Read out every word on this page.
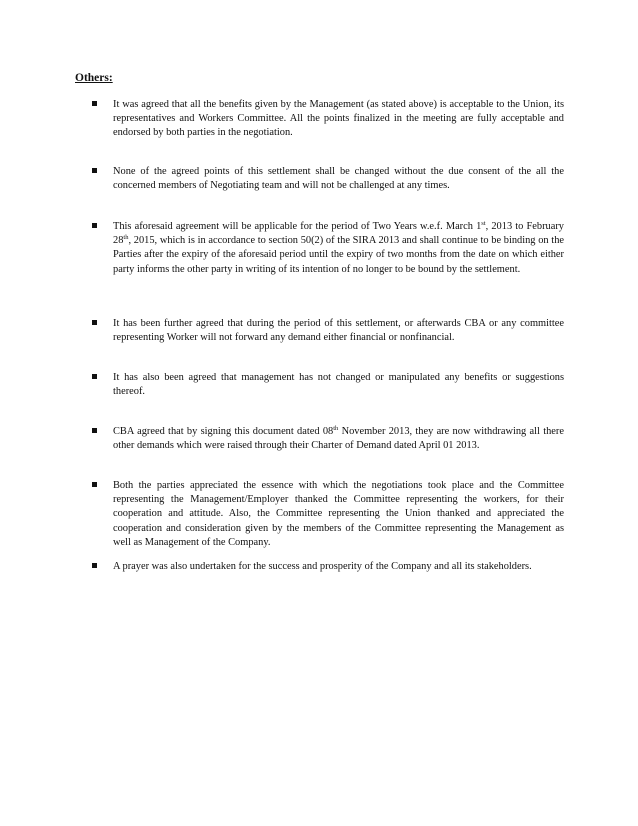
Others:
It was agreed that all the benefits given by the Management (as stated above) is acceptable to the Union, its representatives and Workers Committee. All the points finalized in the meeting are fully acceptable and endorsed by both parties in the negotiation.
None of the agreed points of this settlement shall be changed without the due consent of the all the concerned members of Negotiating team and will not be challenged at any times.
This aforesaid agreement will be applicable for the period of Two Years w.e.f. March 1st, 2013 to February 28th, 2015, which is in accordance to section 50(2) of the SIRA 2013 and shall continue to be binding on the Parties after the expiry of the aforesaid period until the expiry of two months from the date on which either party informs the other party in writing of its intention of no longer to be bound by the settlement.
It has been further agreed that during the period of this settlement, or afterwards CBA or any committee representing Worker will not forward any demand either financial or nonfinancial.
It has also been agreed that management has not changed or manipulated any benefits or suggestions thereof.
CBA agreed that by signing this document dated 08th November 2013, they are now withdrawing all there other demands which were raised through their Charter of Demand dated April 01 2013.
Both the parties appreciated the essence with which the negotiations took place and the Committee representing the Management/Employer thanked the Committee representing the workers, for their cooperation and attitude. Also, the Committee representing the Union thanked and appreciated the cooperation and consideration given by the members of the Committee representing the Management as well as Management of the Company.
A prayer was also undertaken for the success and prosperity of the Company and all its stakeholders.
